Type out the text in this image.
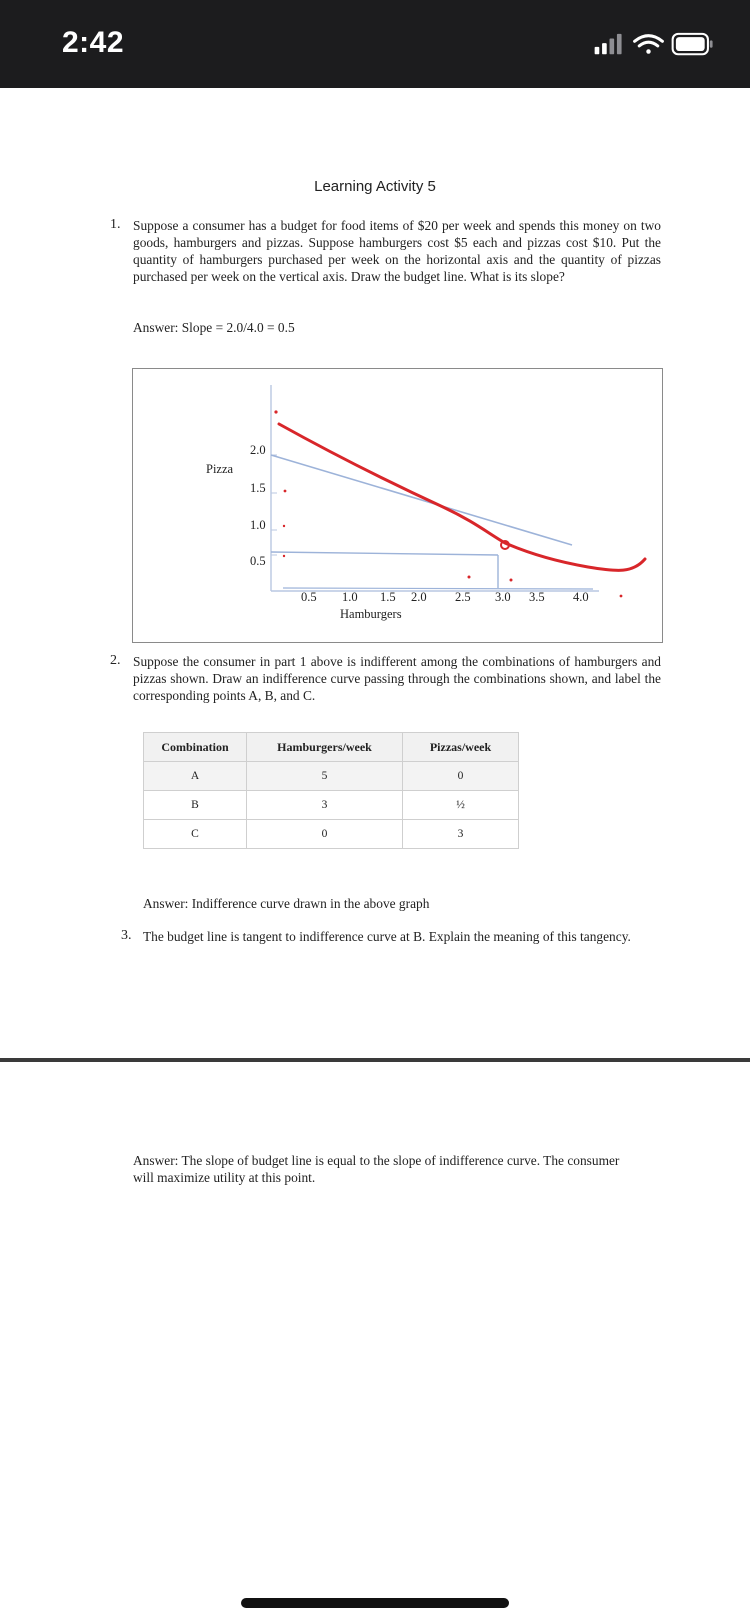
2:42
Learning Activity 5
1. Suppose a consumer has a budget for food items of $20 per week and spends this money on two goods, hamburgers and pizzas. Suppose hamburgers cost $5 each and pizzas cost $10. Put the quantity of hamburgers purchased per week on the horizontal axis and the quantity of pizzas purchased per week on the vertical axis. Draw the budget line. What is its slope?
Answer: Slope = 2.0/4.0 = 0.5
Pizza
2.0
1.5
1.0
0.5
0.5 1.0 1.5 2.0 2.5 3.0 3.5 4.0
Hamburgers
2. Suppose the consumer in part 1 above is indifferent among the combinations of hamburgers and pizzas shown. Draw an indifference curve passing through the combinations shown, and label the corresponding points A, B, and C.
Combination	Hamburgers/week	Pizzas/week
A	5	0
B	3	½
C	0	3
Answer: Indifference curve drawn in the above graph
3. The budget line is tangent to indifference curve at B. Explain the meaning of this tangency.
Answer: The slope of budget line is equal to the slope of indifference curve. The consumer will maximize utility at this point.
